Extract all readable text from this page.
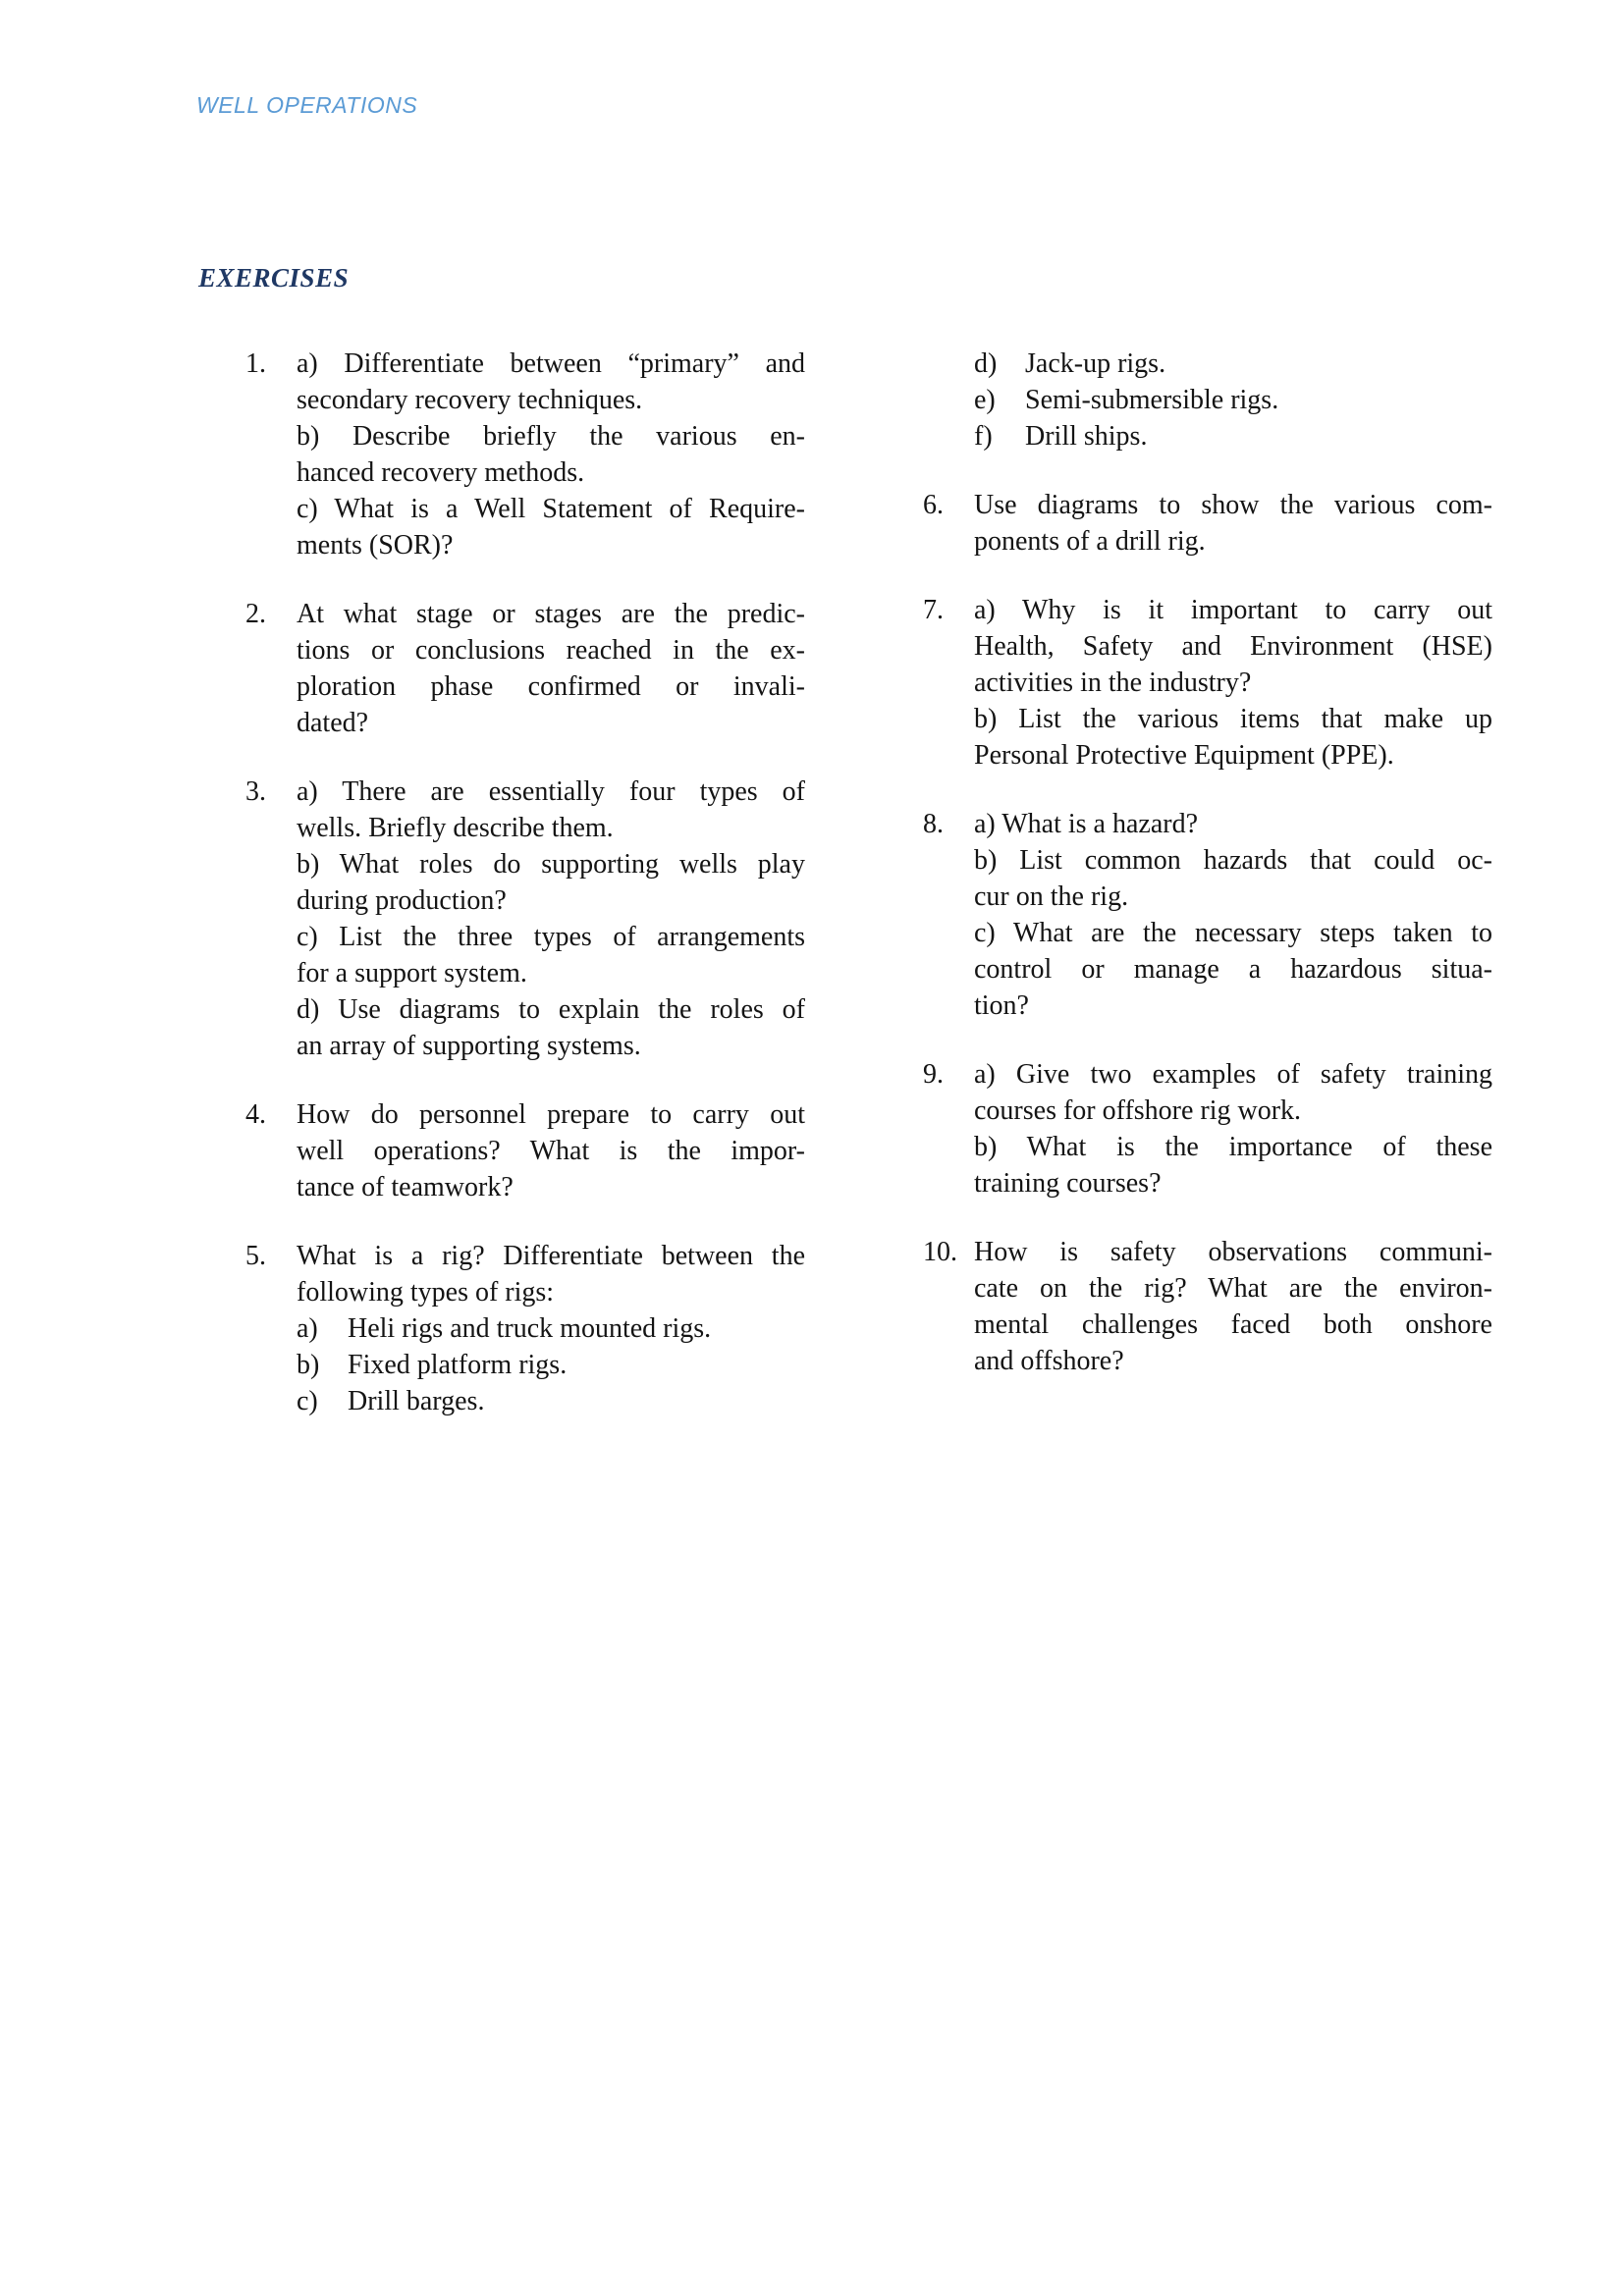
WELL OPERATIONS
EXERCISES
1.	a) Differentiate between “primary” and
secondary recovery techniques.
b) Describe briefly the various en-
hanced recovery methods.
c) What is a Well Statement of Require-
ments (SOR)?
2.	At what stage or stages are the predic-
tions or conclusions reached in the ex-
ploration phase confirmed or invali-
dated?
3.	a) There are essentially four types of
wells. Briefly describe them.
b) What roles do supporting wells play
during production?
c) List the three types of arrangements
for a support system.
d) Use diagrams to explain the roles of
an array of supporting systems.
4.	How do personnel prepare to carry out
well operations? What is the impor-
tance of teamwork?
5.	What is a rig? Differentiate between the
following types of rigs:
a)	Heli rigs and truck mounted rigs.
b)	Fixed platform rigs.
c)	Drill barges.
d)	Jack-up rigs.
e)	Semi-submersible rigs.
f)	Drill ships.
6.	Use diagrams to show the various com-
ponents of a drill rig.
7.	a) Why is it important to carry out
Health, Safety and Environment (HSE)
activities in the industry?
b) List the various items that make up
Personal Protective Equipment (PPE).
8.	a) What is a hazard?
b) List common hazards that could oc-
cur on the rig.
c) What are the necessary steps taken to
control or manage a hazardous situa-
tion?
9.	a) Give two examples of safety training
courses for offshore rig work.
b) What is the importance of these
training courses?
10. How is safety observations communi-
cate on the rig? What are the environ-
mental challenges faced both onshore
and offshore?
